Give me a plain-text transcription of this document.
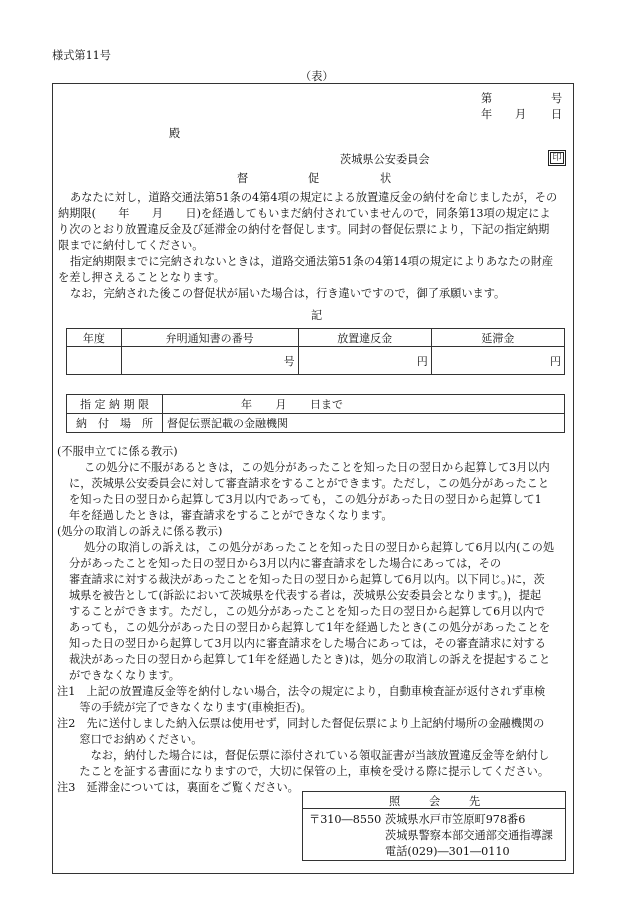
様式第11号
（表）
第	号
年 月 日
殿
茨城県公安委員会	印
督	促	状
あなたに対し，道路交通法第51条の4第4項の規定による放置違反金の納付を命じましたが，その
納期限(　　年　　月　　日)を経過してもいまだ納付されていませんので，同条第13項の規定によ
り次のとおり放置違反金及び延滞金の納付を督促します。同封の督促伝票により，下記の指定納期
限までに納付してください。
指定納期限までに完納されないときは，道路交通法第51条の4第14項の規定によりあなたの財産
を差し押さえることとなります。
なお，完納された後この督促状が届いた場合は，行き違いですので，御了承願います。
記
年度	弁明通知書の番号	放置違反金	延滞金
	号	円	円
指 定 納 期 限	年 月 日まで
納　付　場　所	督促伝票記載の金融機関
(不服申立てに係る教示)
この処分に不服があるときは，この処分があったことを知った日の翌日から起算して3月以内
に，茨城県公安委員会に対して審査請求をすることができます。ただし，この処分があったこと
を知った日の翌日から起算して3月以内であっても，この処分があった日の翌日から起算して1
年を経過したときは，審査請求をすることができなくなります。
(処分の取消しの訴えに係る教示)
処分の取消しの訴えは，この処分があったことを知った日の翌日から起算して6月以内(この処
分があったことを知った日の翌日から3月以内に審査請求をした場合にあっては，その
審査請求に対する裁決があったことを知った日の翌日から起算して6月以内。以下同じ。)に，茨
城県を被告として(訴訟において茨城県を代表する者は，茨城県公安委員会となります。)，提起
することができます。ただし，この処分があったことを知った日の翌日から起算して6月以内で
あっても，この処分があった日の翌日から起算して1年を経過したとき(この処分があったことを
知った日の翌日から起算して3月以内に審査請求をした場合にあっては，その審査請求に対する
裁決があった日の翌日から起算して1年を経過したとき)は，処分の取消しの訴えを提起すること
ができなくなります。
注1　上記の放置違反金等を納付しない場合，法令の規定により，自動車検査証が返付されず車検
　　等の手続が完了できなくなります(車検拒否)。
注2　先に送付しました納入伝票は使用せず，同封した督促伝票により上記納付場所の金融機関の
　　窓口でお納めください。
　　　なお，納付した場合には，督促伝票に添付されている領収証書が当該放置違反金等を納付し
　　たことを証する書面になりますので，大切に保管の上，車検を受ける際に提示してください。
注3　延滞金については，裏面をご覧ください。
照	会	先
〒310―8550 茨城県水戸市笠原町978番6
茨城県警察本部交通部交通指導課
電話(029)―301―0110
